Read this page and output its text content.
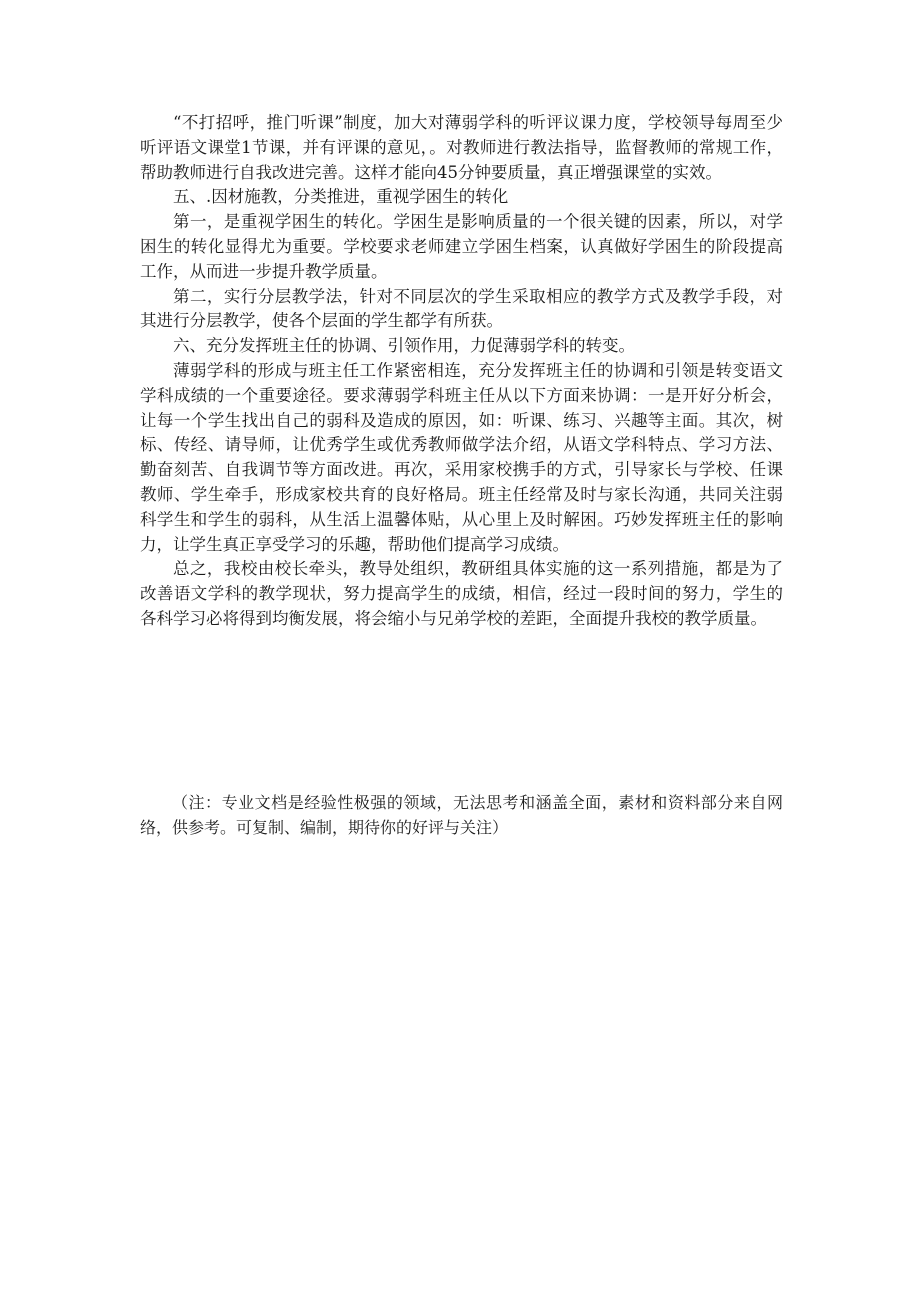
“不打招呼，推门听课”制度，加大对薄弱学科的听评议课力度，学校领导每周至少听评语文课堂1节课，并有评课的意见，。对教师进行教法指导，监督教师的常规工作，帮助教师进行自我改进完善。这样才能向45分钟要质量，真正增强课堂的实效。

五、.因材施教，分类推进，重视学困生的转化

第一，是重视学困生的转化。学困生是影响质量的一个很关键的因素，所以，对学困生的转化显得尤为重要。学校要求老师建立学困生档案，认真做好学困生的阶段提高工作，从而进一步提升教学质量。

第二，实行分层教学法，针对不同层次的学生采取相应的教学方式及教学手段，对其进行分层教学，使各个层面的学生都学有所获。

六、充分发挥班主任的协调、引领作用，力促薄弱学科的转变。

薄弱学科的形成与班主任工作紧密相连，充分发挥班主任的协调和引领是转变语文学科成绩的一个重要途径。要求薄弱学科班主任从以下方面来协调：一是开好分析会，让每一个学生找出自己的弱科及造成的原因，如：听课、练习、兴趣等主面。其次，树标、传经、请导师，让优秀学生或优秀教师做学法介绍，从语文学科特点、学习方法、勤奋刻苦、自我调节等方面改进。再次，采用家校携手的方式，引导家长与学校、任课教师、学生牵手，形成家校共育的良好格局。班主任经常及时与家长沟通，共同关注弱科学生和学生的弱科，从生活上温馨体贴，从心里上及时解困。巧妙发挥班主任的影响力，让学生真正享受学习的乐趣，帮助他们提高学习成绩。

总之，我校由校长牵头，教导处组织，教研组具体实施的这一系列措施，都是为了改善语文学科的教学现状，努力提高学生的成绩，相信，经过一段时间的努力，学生的各科学习必将得到均衡发展，将会缩小与兄弟学校的差距，全面提升我校的教学质量。

（注：专业文档是经验性极强的领域，无法思考和涵盖全面，素材和资料部分来自网络，供参考。可复制、编制，期待你的好评与关注）
